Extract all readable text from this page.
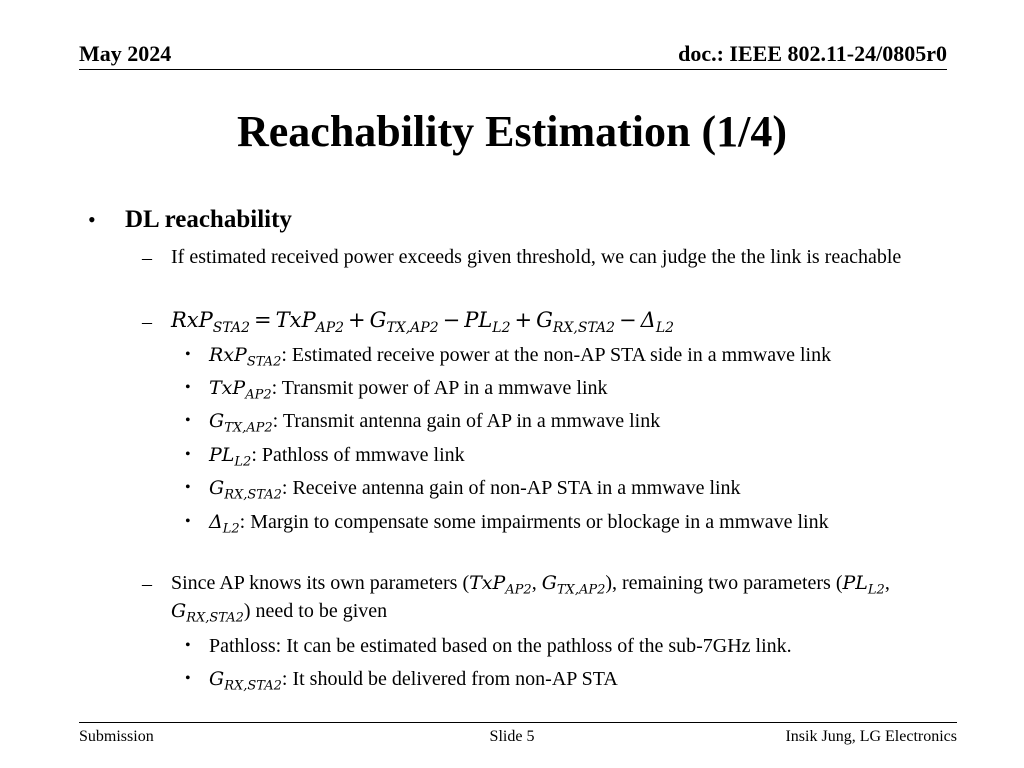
May 2024	doc.: IEEE 802.11-24/0805r0
Reachability Estimation (1/4)
• DL reachability
– If estimated received power exceeds given threshold, we can judge the the link is reachable
– $RxP_{STA2} = TxP_{AP2} + G_{TX,AP2} - PL_{L2} + G_{RX,STA2} - \Delta_{L2}$
• RxP$_{STA2}$: Estimated receive power at the non-AP STA side in a mmwave link
• TxP$_{AP2}$: Transmit power of AP in a mmwave link
• $G_{TX,AP2}$: Transmit antenna gain of AP in a mmwave link
• $PL_{L2}$: Pathloss of mmwave link
• $G_{RX,STA2}$: Receive antenna gain of non-AP STA in a mmwave link
• $\Delta_{L2}$: Margin to compensate some impairments or blockage in a mmwave link
– Since AP knows its own parameters (TxP$_{AP2}$, $G_{TX,AP2}$), remaining two parameters ($PL_{L2}$, $G_{RX,STA2}$) need to be given
• Pathloss: It can be estimated based on the pathloss of the sub-7GHz link.
• $G_{RX,STA2}$: It should be delivered from non-AP STA
Submission	Slide 5	Insik Jung, LG Electronics
